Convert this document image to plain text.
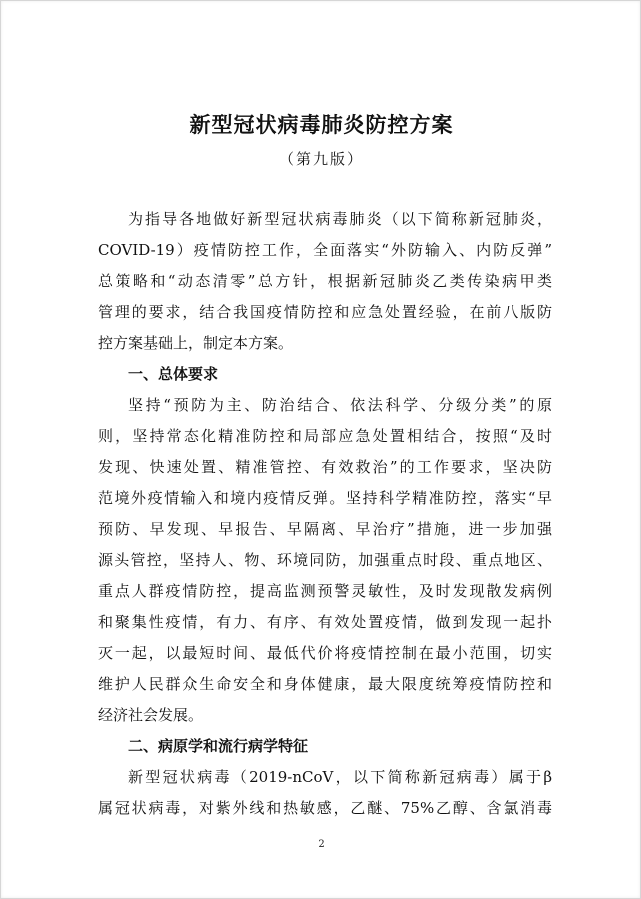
新型冠状病毒肺炎防控方案
（第九版）
为指导各地做好新型冠状病毒肺炎（以下简称新冠肺炎，
COVID-19）疫情防控工作，全面落实“外防输入、内防反弹”
总策略和“动态清零”总方针，根据新冠肺炎乙类传染病甲类
管理的要求，结合我国疫情防控和应急处置经验，在前八版防
控方案基础上，制定本方案。
一、总体要求
坚持“预防为主、防治结合、依法科学、分级分类”的原
则，坚持常态化精准防控和局部应急处置相结合，按照“及时
发现、快速处置、精准管控、有效救治”的工作要求，坚决防
范境外疫情输入和境内疫情反弹。坚持科学精准防控，落实“早
预防、早发现、早报告、早隔离、早治疗”措施，进一步加强
源头管控，坚持人、物、环境同防，加强重点时段、重点地区、
重点人群疫情防控，提高监测预警灵敏性，及时发现散发病例
和聚集性疫情，有力、有序、有效处置疫情，做到发现一起扑
灭一起，以最短时间、最低代价将疫情控制在最小范围，切实
维护人民群众生命安全和身体健康，最大限度统筹疫情防控和
经济社会发展。
二、病原学和流行病学特征
新型冠状病毒（2019-nCoV，以下简称新冠病毒）属于β
属冠状病毒，对紫外线和热敏感，乙醚、75%乙醇、含氯消毒
2
